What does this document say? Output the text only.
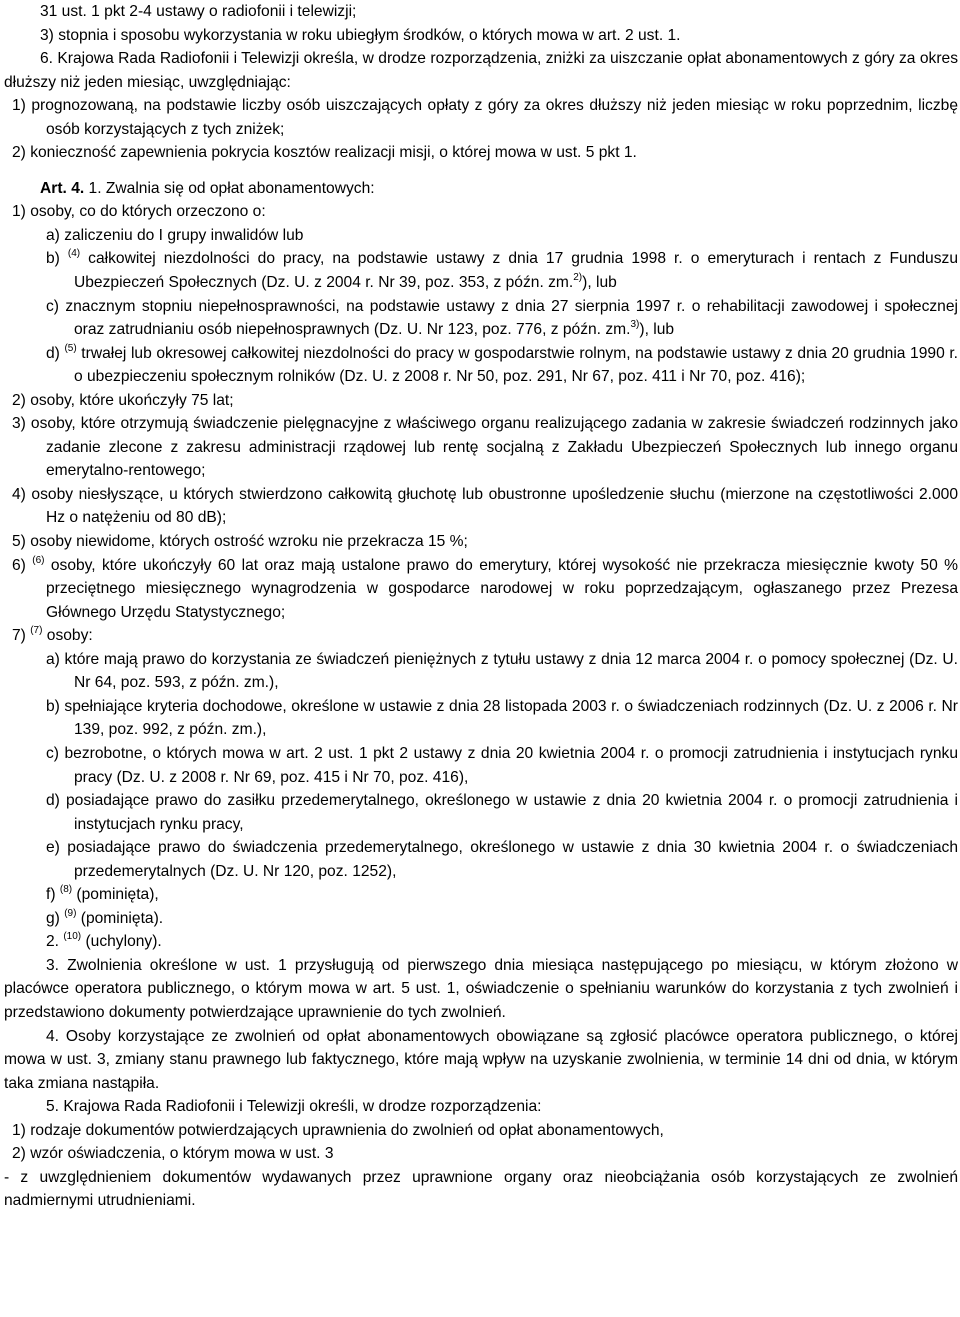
31 ust. 1 pkt 2-4 ustawy o radiofonii i telewizji;

3) stopnia i sposobu wykorzystania w roku ubiegłym środków, o których mowa w art. 2 ust. 1.

6. Krajowa Rada Radiofonii i Telewizji określa, w drodze rozporządzenia, zniżki za uiszczanie opłat abonamentowych z góry za okres dłuższy niż jeden miesiąc, uwzględniając:

1) prognozowaną, na podstawie liczby osób uiszczających opłaty z góry za okres dłuższy niż jeden miesiąc w roku poprzednim, liczbę osób korzystających z tych zniżek;

2) konieczność zapewnienia pokrycia kosztów realizacji misji, o której mowa w ust. 5 pkt 1.

Art. 4. 1. Zwalnia się od opłat abonamentowych:

1) osoby, co do których orzeczono o:

a) zaliczeniu do I grupy inwalidów lub

b) $^{(4)}$ całkowitej niezdolności do pracy, na podstawie ustawy z dnia 17 grudnia 1998 r. o emeryturach i rentach z Funduszu Ubezpieczeń Społecznych (Dz. U. z 2004 r. Nr 39, poz. 353, z późn. zm.$^{2)}$), lub

c) znacznym stopniu niepełnosprawności, na podstawie ustawy z dnia 27 sierpnia 1997 r. o rehabilitacji zawodowej i społecznej oraz zatrudnianiu osób niepełnosprawnych (Dz. U. Nr 123, poz. 776, z późn. zm.$^{3)}$), lub

d) $^{(5)}$ trwałej lub okresowej całkowitej niezdolności do pracy w gospodarstwie rolnym, na podstawie ustawy z dnia 20 grudnia 1990 r. o ubezpieczeniu społecznym rolników (Dz. U. z 2008 r. Nr 50, poz. 291, Nr 67, poz. 411 i Nr 70, poz. 416);

2) osoby, które ukończyły 75 lat;

3) osoby, które otrzymują świadczenie pielęgnacyjne z właściwego organu realizującego zadania w zakresie świadczeń rodzinnych jako zadanie zlecone z zakresu administracji rządowej lub rentę socjalną z Zakładu Ubezpieczeń Społecznych lub innego organu emerytalno-rentowego;

4) osoby niesłyszące, u których stwierdzono całkowitą głuchotę lub obustronne upośledzenie słuchu (mierzone na częstotliwości 2.000 Hz o natężeniu od 80 dB);

5) osoby niewidome, których ostrość wzroku nie przekracza 15 %;

6) $^{(6)}$ osoby, które ukończyły 60 lat oraz mają ustalone prawo do emerytury, której wysokość nie przekracza miesięcznie kwoty 50 % przeciętnego miesięcznego wynagrodzenia w gospodarce narodowej w roku poprzedzającym, ogłaszanego przez Prezesa Głównego Urzędu Statystycznego;

7) $^{(7)}$ osoby:

a) które mają prawo do korzystania ze świadczeń pieniężnych z tytułu ustawy z dnia 12 marca 2004 r. o pomocy społecznej (Dz. U. Nr 64, poz. 593, z późn. zm.),

b) spełniające kryteria dochodowe, określone w ustawie z dnia 28 listopada 2003 r. o świadczeniach rodzinnych (Dz. U. z 2006 r. Nr 139, poz. 992, z późn. zm.),

c) bezrobotne, o których mowa w art. 2 ust. 1 pkt 2 ustawy z dnia 20 kwietnia 2004 r. o promocji zatrudnienia i instytucjach rynku pracy (Dz. U. z 2008 r. Nr 69, poz. 415 i Nr 70, poz. 416),

d) posiadające prawo do zasiłku przedemerytalnego, określonego w ustawie z dnia 20 kwietnia 2004 r. o promocji zatrudnienia i instytucjach rynku pracy,

e) posiadające prawo do świadczenia przedemerytalnego, określonego w ustawie z dnia 30 kwietnia 2004 r. o świadczeniach przedemerytalnych (Dz. U. Nr 120, poz. 1252),

f) $^{(8)}$ (pominięta),

g) $^{(9)}$ (pominięta).

2. $^{(10)}$ (uchylony).

3. Zwolnienia określone w ust. 1 przysługują od pierwszego dnia miesiąca następującego po miesiącu, w którym złożono w placówce operatora publicznego, o którym mowa w art. 5 ust. 1, oświadczenie o spełnianiu warunków do korzystania z tych zwolnień i przedstawiono dokumenty potwierdzające uprawnienie do tych zwolnień.

4. Osoby korzystające ze zwolnień od opłat abonamentowych obowiązane są zgłosić placówce operatora publicznego, o której mowa w ust. 3, zmiany stanu prawnego lub faktycznego, które mają wpływ na uzyskanie zwolnienia, w terminie 14 dni od dnia, w którym taka zmiana nastąpiła.

5. Krajowa Rada Radiofonii i Telewizji określi, w drodze rozporządzenia:

1) rodzaje dokumentów potwierdzających uprawnienia do zwolnień od opłat abonamentowych,

2) wzór oświadczenia, o którym mowa w ust. 3

- z uwzględnieniem dokumentów wydawanych przez uprawnione organy oraz nieobciążania osób korzystających ze zwolnień nadmiernymi utrudnieniami.
